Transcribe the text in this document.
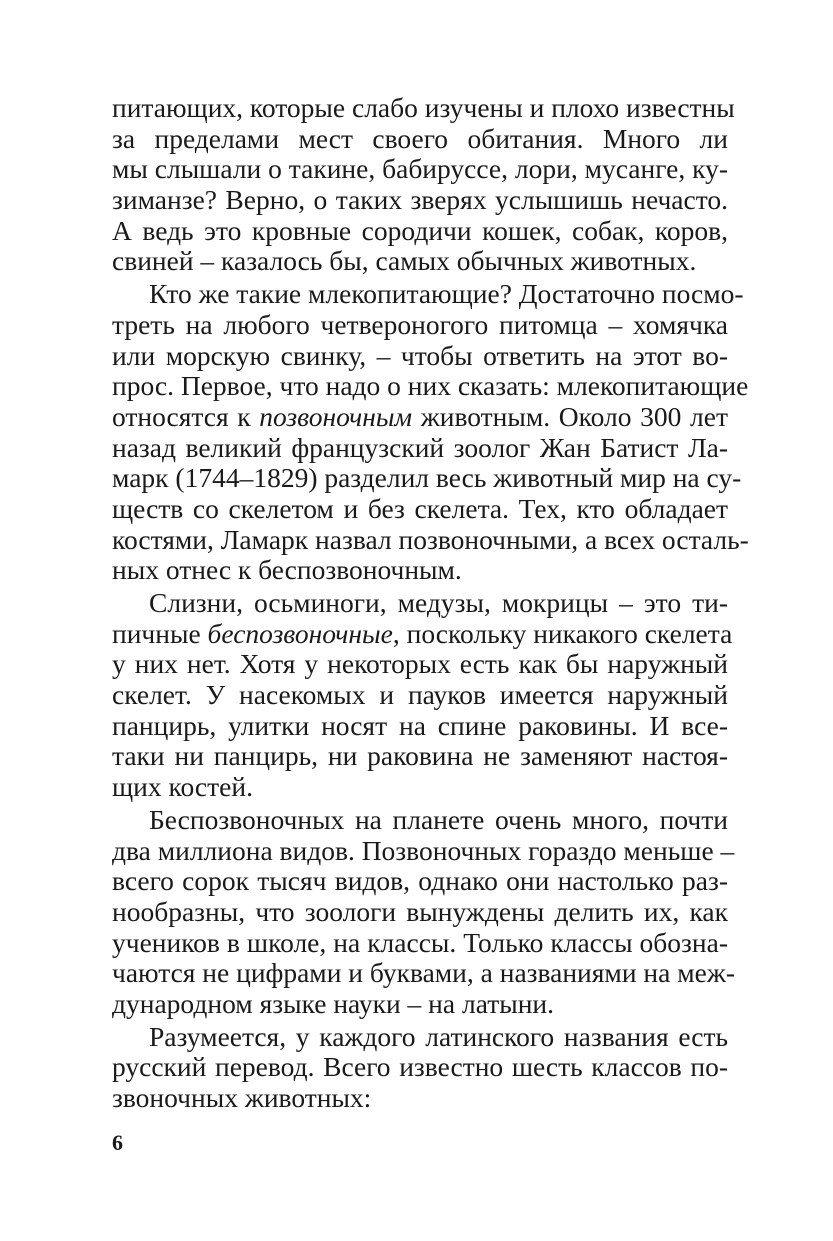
питающих, которые слабо изучены и плохо известны
за пределами мест своего обитания. Много ли
мы слышали о такине, бабируссе, лори, мусанге, ку-
зиманзе? Верно, о таких зверях услышишь нечасто.
А ведь это кровные сородичи кошек, собак, коров,
свиней – казалось бы, самых обычных животных.
Кто же такие млекопитающие? Достаточно посмо-
треть на любого четвероногого питомца – хомячка
или морскую свинку, – чтобы ответить на этот во-
прос. Первое, что надо о них сказать: млекопитающие
относятся к позвоночным животным. Около 300 лет
назад великий французский зоолог Жан Батист Ла-
марк (1744–1829) разделил весь животный мир на су-
ществ со скелетом и без скелета. Тех, кто обладает
костями, Ламарк назвал позвоночными, а всех осталь-
ных отнес к беспозвоночным.
Слизни, осьминоги, медузы, мокрицы – это ти-
пичные беспозвоночные, поскольку никакого скелета
у них нет. Хотя у некоторых есть как бы наружный
скелет. У насекомых и пауков имеется наружный
панцирь, улитки носят на спине раковины. И все-
таки ни панцирь, ни раковина не заменяют настоя-
щих костей.
Беспозвоночных на планете очень много, почти
два миллиона видов. Позвоночных гораздо меньше –
всего сорок тысяч видов, однако они настолько раз-
нообразны, что зоологи вынуждены делить их, как
учеников в школе, на классы. Только классы обозна-
чаются не цифрами и буквами, а названиями на меж-
дународном языке науки – на латыни.
Разумеется, у каждого латинского названия есть
русский перевод. Всего известно шесть классов по-
звоночных животных:
6
